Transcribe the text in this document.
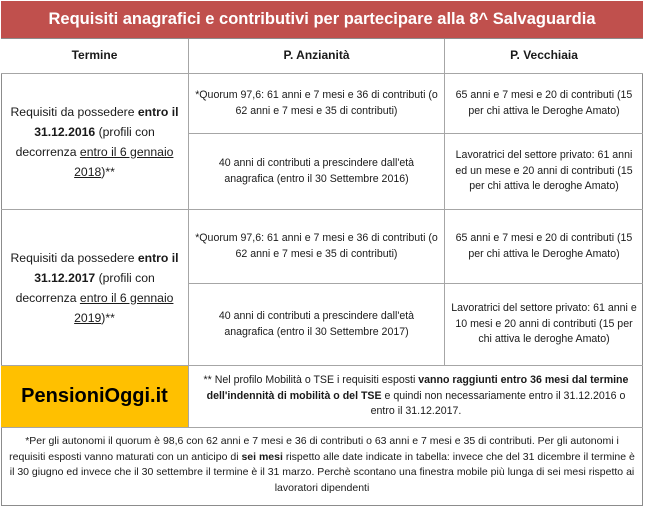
Requisiti anagrafici e contributivi per partecipare alla 8^ Salvaguardia
Termine	P. Anzianità	P. Vecchiaia
Requisiti da possedere entro il 31.12.2016 (profili con decorrenza entro il 6 gennaio 2018)**
*Quorum 97,6: 61 anni e 7 mesi e 36 di contributi (o 62 anni e 7 mesi e 35 di contributi)
65 anni e 7 mesi e 20 di contributi (15 per chi attiva le Deroghe Amato)
40 anni di contributi a prescindere dall'età anagrafica (entro il 30 Settembre 2016)
Lavoratrici del settore privato: 61 anni ed un mese e 20 anni di contributi (15 per chi attiva le deroghe Amato)
Requisiti da possedere entro il 31.12.2017 (profili con decorrenza entro il 6 gennaio 2019)**
*Quorum 97,6: 61 anni e 7 mesi e 36 di contributi (o 62 anni e 7 mesi e 35 di contributi)
65 anni e 7 mesi e 20 di contributi (15 per chi attiva le Deroghe Amato)
40 anni di contributi a prescindere dall'età anagrafica (entro il 30 Settembre 2017)
Lavoratrici del settore privato: 61 anni e 10 mesi e 20 anni di contributi (15 per chi attiva le deroghe Amato)
PensioniOggi.it
** Nel profilo Mobilità o TSE i requisiti esposti vanno raggiunti entro 36 mesi dal termine dell'indennità di mobilità o del TSE e quindi non necessariamente entro il 31.12.2016 o entro il 31.12.2017.
*Per gli autonomi il quorum è 98,6 con 62 anni e 7 mesi e 36 di contributi o 63 anni e 7 mesi e 35 di contributi. Per gli autonomi i requisiti esposti vanno maturati con un anticipo di sei mesi rispetto alle date indicate in tabella: invece che del 31 dicembre il termine è il 30 giugno ed invece che il 30 settembre il termine è il 31 marzo. Perchè scontano una finestra mobile più lunga di sei mesi rispetto ai lavoratori dipendenti
